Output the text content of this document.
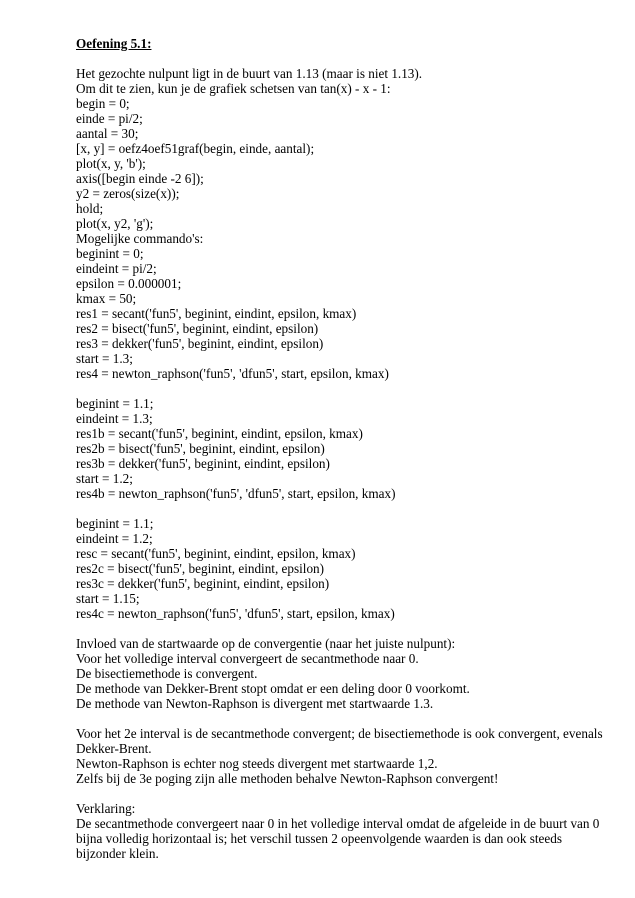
Oefening 5.1:
Het gezochte nulpunt ligt in de buurt van 1.13 (maar is niet 1.13).
Om dit te zien, kun je de grafiek schetsen van tan(x) - x - 1:
begin = 0;
einde = pi/2;
aantal = 30;
[x, y] = oefz4oef51graf(begin, einde, aantal);
plot(x, y, 'b');
axis([begin einde -2 6]);
y2 = zeros(size(x));
hold;
plot(x, y2, 'g');
Mogelijke commando's:
beginint = 0;
eindeint = pi/2;
epsilon = 0.000001;
kmax = 50;
res1 = secant('fun5', beginint, eindint, epsilon, kmax)
res2 = bisect('fun5', beginint, eindint, epsilon)
res3 = dekker('fun5', beginint, eindint, epsilon)
start = 1.3;
res4 = newton_raphson('fun5', 'dfun5', start, epsilon, kmax)
beginint = 1.1;
eindeint = 1.3;
res1b = secant('fun5', beginint, eindint, epsilon, kmax)
res2b = bisect('fun5', beginint, eindint, epsilon)
res3b = dekker('fun5', beginint, eindint, epsilon)
start = 1.2;
res4b = newton_raphson('fun5', 'dfun5', start, epsilon, kmax)
beginint = 1.1;
eindeint = 1.2;
resc = secant('fun5', beginint, eindint, epsilon, kmax)
res2c = bisect('fun5', beginint, eindint, epsilon)
res3c = dekker('fun5', beginint, eindint, epsilon)
start = 1.15;
res4c = newton_raphson('fun5', 'dfun5', start, epsilon, kmax)
Invloed van de startwaarde op de convergentie (naar het juiste nulpunt):
Voor het volledige interval convergeert de secantmethode naar 0.
De bisectiemethode is convergent.
De methode van Dekker-Brent stopt omdat er een deling door 0 voorkomt.
De methode van Newton-Raphson is divergent met startwaarde 1.3.
Voor het 2e interval is de secantmethode convergent; de bisectiemethode is ook convergent, evenals Dekker-Brent.
Newton-Raphson is echter nog steeds divergent met startwaarde 1,2.
Zelfs bij de 3e poging zijn alle methoden behalve Newton-Raphson convergent!
Verklaring:
De secantmethode convergeert naar 0 in het volledige interval omdat de afgeleide in de buurt van 0 bijna volledig horizontaal is; het verschil tussen 2 opeenvolgende waarden is dan ook steeds bijzonder klein.
